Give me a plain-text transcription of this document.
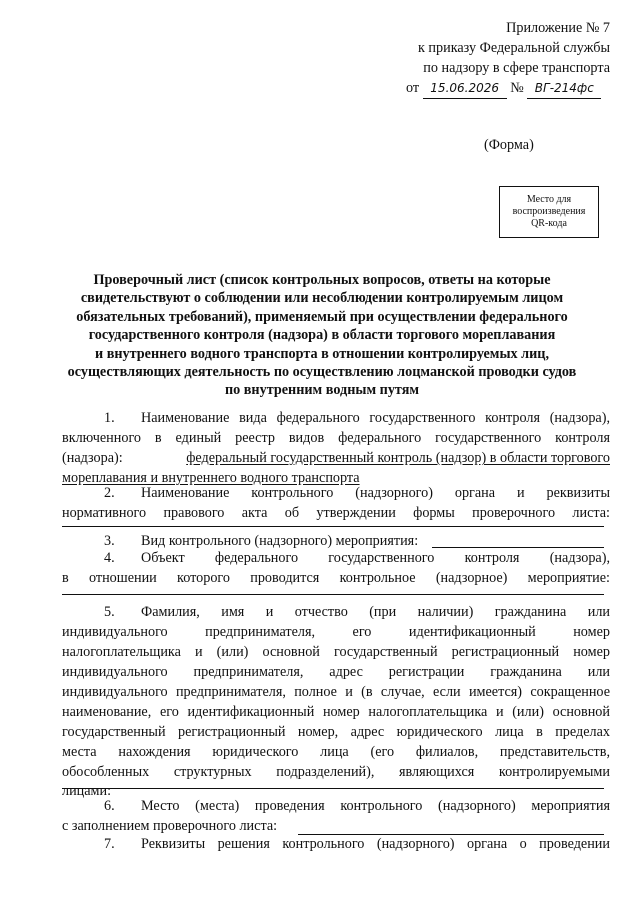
Приложение № 7
к приказу Федеральной службы
по надзору в сфере транспорта
от 15.06.2026 № ВГ-214фс
(Форма)
Место для
воспроизведения
QR-кода
Проверочный лист (список контрольных вопросов, ответы на которые
свидетельствуют о соблюдении или несоблюдении контролируемым лицом
обязательных требований), применяемый при осуществлении федерального
государственного контроля (надзора) в области торгового мореплавания
и внутреннего водного транспорта в отношении контролируемых лиц,
осуществляющих деятельность по осуществлению лоцманской проводки судов
по внутренним водным путям
1. Наименование вида федерального государственного контроля (надзора),
включенного в единый реестр видов федерального государственного контроля
(надзора):	федеральный государственный контроль (надзор) в области торгового
мореплавания и внутреннего водного транспорта
2. Наименование контрольного (надзорного) органа и реквизиты
нормативного правового акта об утверждении формы проверочного листа:
3. Вид контрольного (надзорного) мероприятия:
4. Объект федерального государственного контроля (надзора),
в отношении которого проводится контрольное (надзорное) мероприятие:
5. Фамилия, имя и отчество (при наличии) гражданина или
индивидуального предпринимателя, его идентификационный номер
налогоплательщика и (или) основной государственный регистрационный номер
индивидуального предпринимателя, адрес регистрации гражданина или
индивидуального предпринимателя, полное и (в случае, если имеется) сокращенное
наименование, его идентификационный номер налогоплательщика и (или) основной
государственный регистрационный номер, адрес юридического лица в пределах
места нахождения юридического лица (его филиалов, представительств,
обособленных структурных подразделений), являющихся контролируемыми
лицами:
6. Место (места) проведения контрольного (надзорного) мероприятия
с заполнением проверочного листа:
7. Реквизиты решения контрольного (надзорного) органа о проведении
